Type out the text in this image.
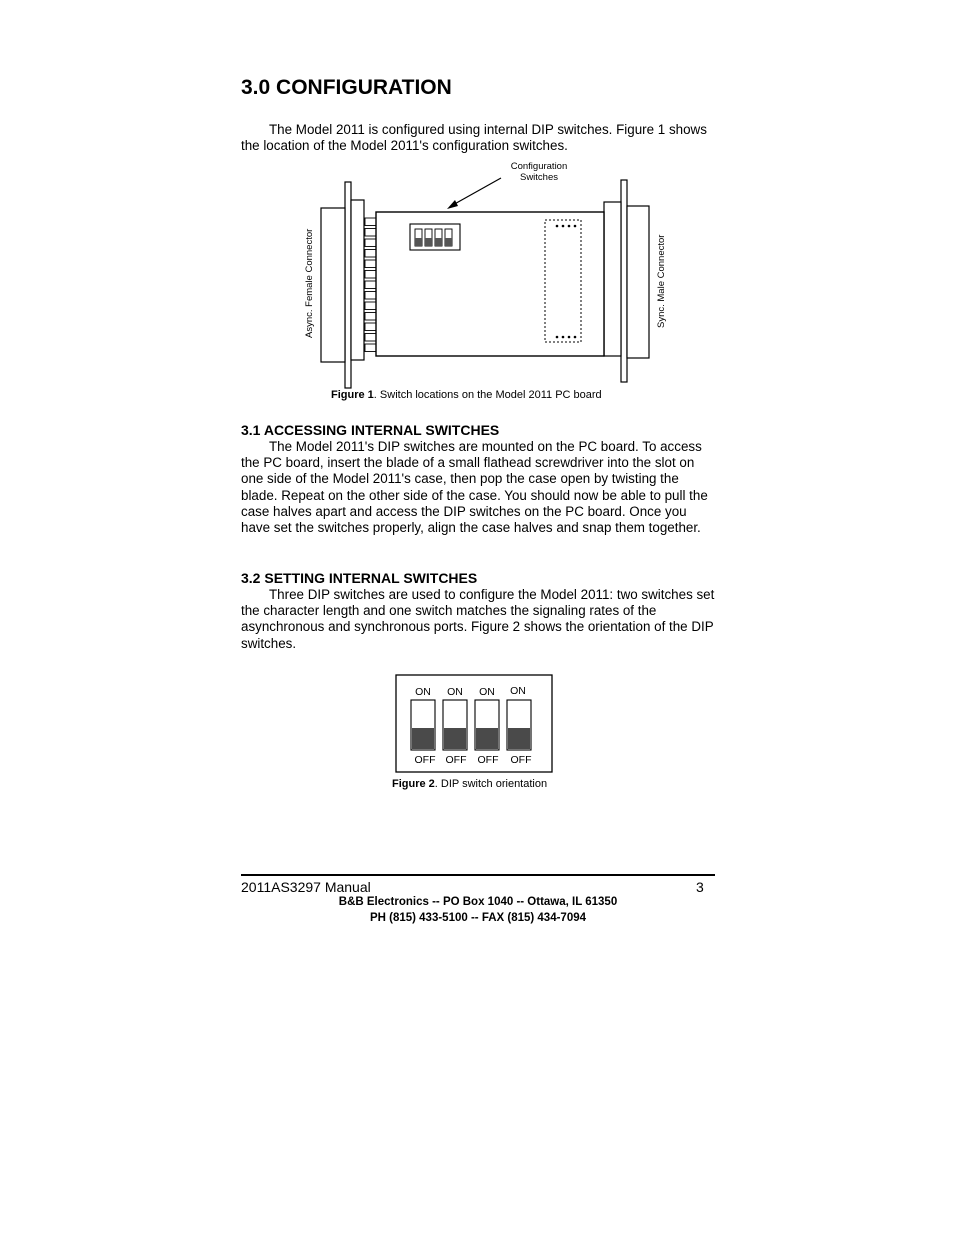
3.0 CONFIGURATION

The Model 2011 is configured using internal DIP switches. Figure 1 shows the location of the Model 2011's configuration switches.

Configuration
Switches
Async. Female Connector	Sync. Male Connector
Figure 1. Switch locations on the Model 2011 PC board
3.1 ACCESSING INTERNAL SWITCHES

The Model 2011's DIP switches are mounted on the PC board. To access the PC board, insert the blade of a small flathead screwdriver into the slot on one side of the Model 2011's case, then pop the case open by twisting the blade. Repeat on the other side of the case. You should now be able to pull the case halves apart and access the DIP switches on the PC board. Once you have set the switches properly, align the case halves and snap them together.

3.2 SETTING INTERNAL SWITCHES

Three DIP switches are used to configure the Model 2011: two switches set the character length and one switch matches the signaling rates of the asynchronous and synchronous ports. Figure 2 shows the orientation of the DIP switches.

ON ON ON ON
OFF OFF OFF OFF
Figure 2. DIP switch orientation
2011AS3297 Manual	3
B&B Electronics -- PO Box 1040 -- Ottawa, IL 61350
PH (815) 433-5100 -- FAX (815) 434-7094
